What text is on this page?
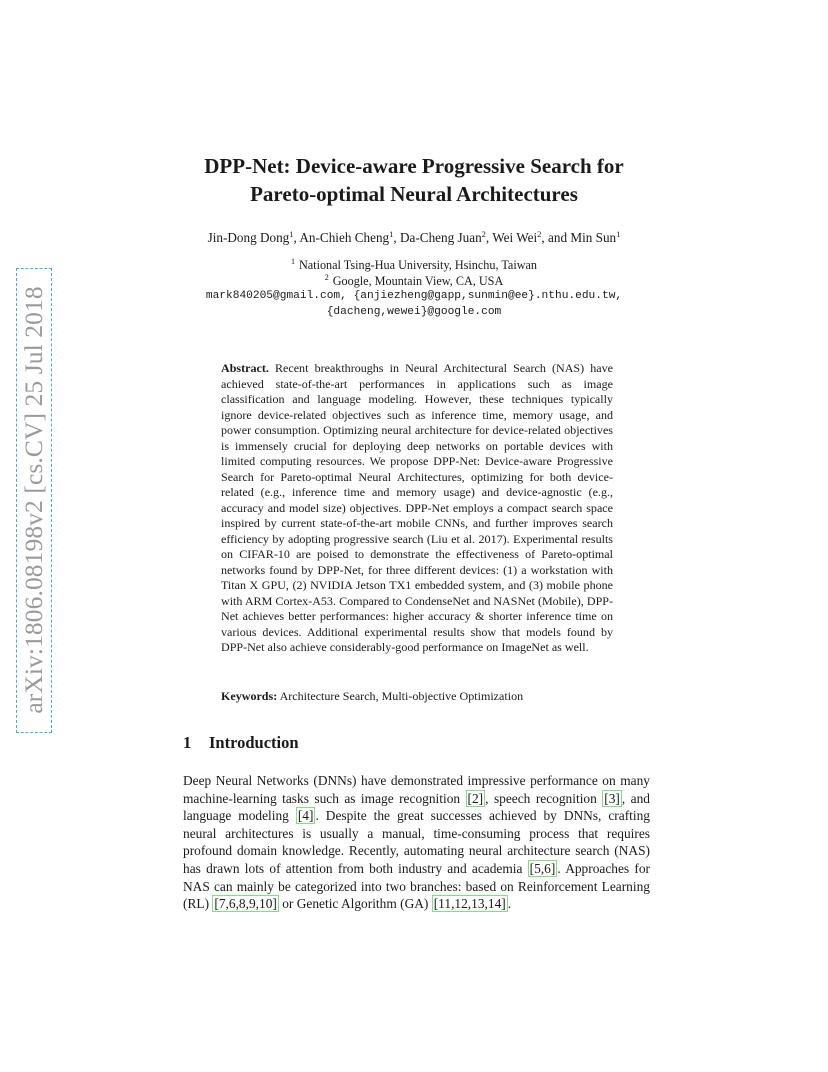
arXiv:1806.08198v2 [cs.CV] 25 Jul 2018
DPP-Net: Device-aware Progressive Search for
Pareto-optimal Neural Architectures
Jin-Dong Dong$^1$, An-Chieh Cheng$^1$, Da-Cheng Juan$^2$, Wei Wei$^2$, and Min Sun$^1$
$^1$ National Tsing-Hua University, Hsinchu, Taiwan
$^2$ Google, Mountain View, CA, USA
mark840205@gmail.com, {anjiezheng@gapp,sunmin@ee}.nthu.edu.tw,
{dacheng,wewei}@google.com
Abstract. Recent breakthroughs in Neural Architectural Search (NAS) have achieved state-of-the-art performances in applications such as image classification and language modeling. However, these techniques typically ignore device-related objectives such as inference time, memory usage, and power consumption. Optimizing neural architecture for device-related objectives is immensely crucial for deploying deep networks on portable devices with limited computing resources. We propose DPP-Net: Device-aware Progressive Search for Pareto-optimal Neural Architectures, optimizing for both device-related (e.g., inference time and memory usage) and device-agnostic (e.g., accuracy and model size) objectives. DPP-Net employs a compact search space inspired by current state-of-the-art mobile CNNs, and further improves search efficiency by adopting progressive search (Liu et al. 2017). Experimental results on CIFAR-10 are poised to demonstrate the effectiveness of Pareto-optimal networks found by DPP-Net, for three different devices: (1) a workstation with Titan X GPU, (2) NVIDIA Jetson TX1 embedded system, and (3) mobile phone with ARM Cortex-A53. Compared to CondenseNet and NASNet (Mobile), DPP-Net achieves better performances: higher accuracy & shorter inference time on various devices. Additional experimental results show that models found by DPP-Net also achieve considerably-good performance on ImageNet as well.
Keywords: Architecture Search, Multi-objective Optimization
1 Introduction
Deep Neural Networks (DNNs) have demonstrated impressive performance on many machine-learning tasks such as image recognition [2] , speech recognition [3] , and language modeling [4] . Despite the great successes achieved by DNNs, crafting neural architectures is usually a manual, time-consuming process that requires profound domain knowledge. Recently, automating neural architecture search (NAS) has drawn lots of attention from both industry and academia [5,6] . Approaches for NAS can mainly be categorized into two branches: based on Reinforcement Learning (RL) [7,6,8,9,10] or Genetic Algorithm (GA) [11,12,13,14] .
